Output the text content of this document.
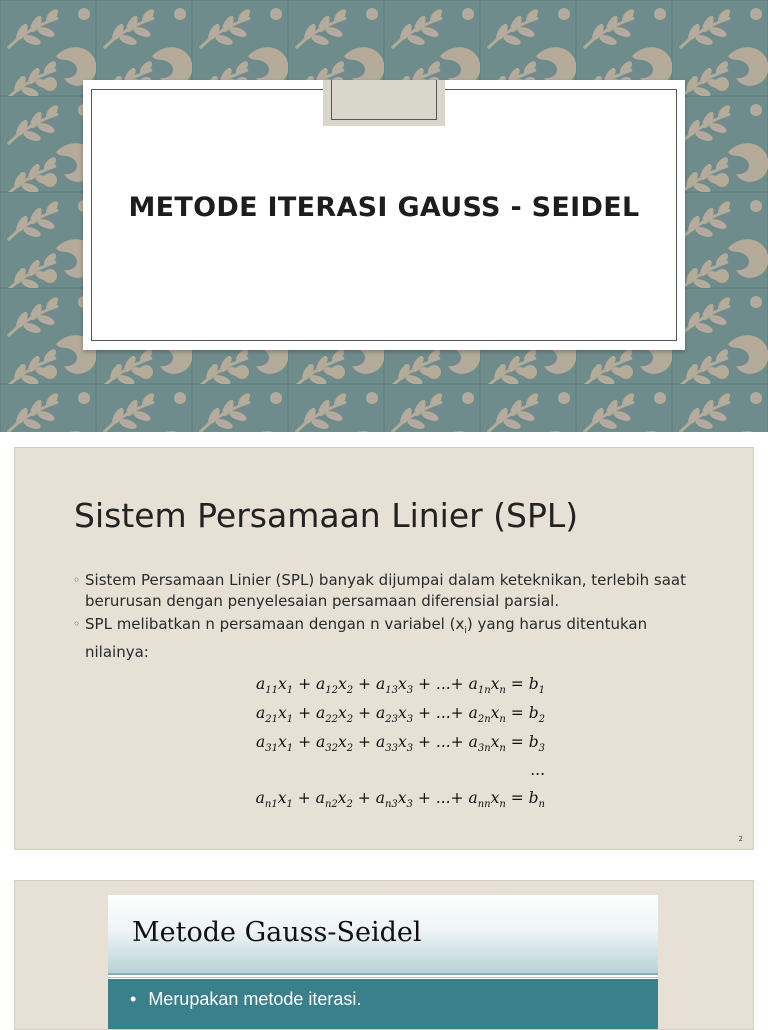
METODE ITERASI GAUSS - SEIDEL
Sistem Persamaan Linier (SPL)
◦ Sistem Persamaan Linier (SPL) banyak dijumpai dalam keteknikan, terlebih saat berurusan dengan penyelesaian persamaan diferensial parsial.
◦ SPL melibatkan n persamaan dengan n variabel $(x_i)$ yang harus ditentukan nilainya:
$a_{11}x_1 + a_{12}x_2 + a_{13}x_3$ + ...+ $a_{1n}x_n = b_1$
$a_{21}x_1 + a_{22}x_2 + a_{23}x_3$ + ...+ $a_{2n}x_n = b_2$
$a_{31}x_1 + a_{32}x_2 + a_{33}x_3$ + ...+ $a_{3n}x_n = b_3$
...
$a_{n1}x_1 + a_{n2}x_2 + a_{n3}x_3$ + ...+ $a_{nn}x_n = b_n$
2
Metode Gauss-Seidel
• Merupakan metode iterasi.
